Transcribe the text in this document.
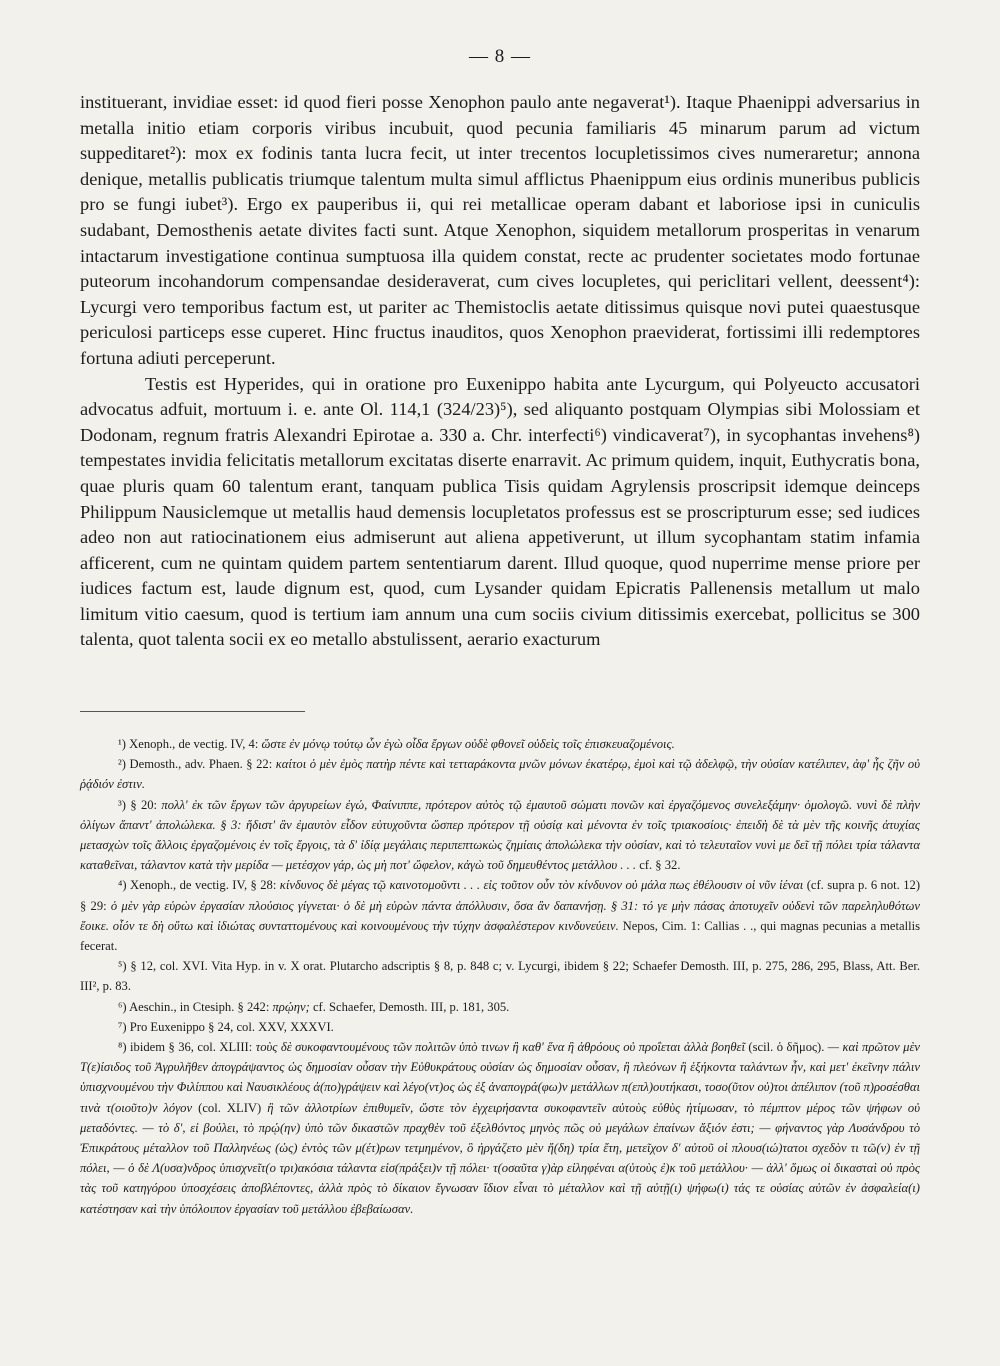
— 8 —

instituerant, invidiae esset: id quod fieri posse Xenophon paulo ante negaverat¹). Itaque Phaenippi adversarius in metalla initio etiam corporis viribus incubuit, quod pecunia familiaris 45 minarum parum ad victum suppeditaret²): mox ex fodinis tanta lucra fecit, ut inter trecentos locupletissimos cives numeraretur; annona denique, metallis publicatis triumque talentum multa simul afflictus Phaenippum eius ordinis muneribus publicis pro se fungi iubet³). Ergo ex pauperibus ii, qui rei metallicae operam dabant et laboriose ipsi in cuniculis sudabant, Demosthenis aetate divites facti sunt. Atque Xenophon, siquidem metallorum prosperitas in venarum intactarum investigatione continua sumptuosa illa quidem constat, recte ac prudenter societates modo fortunae puteorum incohandorum compensandae desideraverat, cum cives locupletes, qui periclitari vellent, deessent⁴): Lycurgi vero temporibus factum est, ut pariter ac Themistoclis aetate ditissimus quisque novi putei quaestusque periculosi particeps esse cuperet. Hinc fructus inauditos, quos Xenophon praeviderat, fortissimi illi redemptores fortuna adiuti perceperunt.

Testis est Hyperides, qui in oratione pro Euxenippo habita ante Lycurgum, qui Polyeucto accusatori advocatus adfuit, mortuum i. e. ante Ol. 114,1 (324/23)⁵), sed aliquanto postquam Olympias sibi Molossiam et Dodonam, regnum fratris Alexandri Epirotae a. 330 a. Chr. interfecti⁶) vindicaverat⁷), in sycophantas invehens⁸) tempestates invidia felicitatis metallorum excitatas diserte enarravit. Ac primum quidem, inquit, Euthycratis bona, quae pluris quam 60 talentum erant, tanquam publica Tisis quidam Agrylensis proscripsit idemque deinceps Philippum Nausiclemque ut metallis haud demensis locupletatos professus est se proscripturum esse; sed iudices adeo non aut ratiocinationem eius admiserunt aut aliena appetiverunt, ut illum sycophantam statim infamia afficerent, cum ne quintam quidem partem sententiarum darent. Illud quoque, quod nuperrime mense priore per iudices factum est, laude dignum est, quod, cum Lysander quidam Epicratis Pallenensis metallum ut malo limitum vitio caesum, quod is tertium iam annum una cum sociis civium ditissimis exercebat, pollicitus se 300 talenta, quot talenta socii ex eo metallo abstulissent, aerario exacturum

¹) Xenoph., de vectig. IV, 4: ὥστε ἐν μόνῳ τούτῳ ὧν ἐγὼ οἶδα ἔργων οὐδὲ φθονεῖ οὐδεὶς τοῖς ἐπισκευαζομένοις.

²) Demosth., adv. Phaen. § 22: καίτοι ὁ μὲν ἐμὸς πατὴρ πέντε καὶ τετταράκοντα μνῶν μόνων ἑκατέρῳ, ἐμοὶ καὶ τῷ ἀδελφῷ, τὴν οὐσίαν κατέλιπεν, ἀφ' ἧς ζῆν οὐ ῥᾴδιόν ἐστιν.

³) § 20: πολλ' ἐκ τῶν ἔργων τῶν ἀργυρείων ἐγώ, Φαίνιππε, πρότερον αὐτὸς τῷ ἐμαυτοῦ σώματι πονῶν καὶ ἐργαζόμενος συνελεξάμην· ὁμολογῶ. νυνὶ δὲ πλὴν ὀλίγων ἅπαντ' ἀπολώλεκα. § 3: ἥδιστ' ἂν ἐμαυτὸν εἶδον εὐτυχοῦντα ὥσπερ πρότερον τῇ οὐσίᾳ καὶ μένοντα ἐν τοῖς τριακοσίοις· ἐπειδὴ δὲ τὰ μὲν τῆς κοινῆς ἀτυχίας μετασχὼν τοῖς ἄλλοις ἐργαζομένοις ἐν τοῖς ἔργοις, τὰ δ' ἰδίᾳ μεγάλαις περιπεπτωκὼς ζημίαις ἀπολώλεκα τὴν οὐσίαν, καὶ τὸ τελευταῖον νυνὶ με δεῖ τῇ πόλει τρία τάλαντα καταθεῖναι, τάλαντον κατὰ τὴν μερίδα — μετέσχον γάρ, ὡς μὴ ποτ' ὤφελον, κἀγὼ τοῦ δημευθέντος μετάλλου . . . cf. § 32.

⁴) Xenoph., de vectig. IV, § 28: κίνδυνος δὲ μέγας τῷ καινοτομοῦντι . . . εἰς τοῦτον οὖν τὸν κίνδυνον οὐ μάλα πως ἐθέλουσιν οἱ νῦν ἰέναι (cf. supra p. 6 not. 12) § 29: ὁ μὲν γὰρ εὑρὼν ἐργασίαν πλούσιος γίγνεται· ὁ δὲ μὴ εὑρὼν πάντα ἀπόλλυσιν, ὅσα ἂν δαπανήσῃ. § 31: τό γε μὴν πάσας ἀποτυχεῖν οὐδενὶ τῶν παρεληλυθότων ἔοικε. οἷόν τε δὴ οὕτω καὶ ἰδιώτας συνταττομένους καὶ κοινουμένους τὴν τύχην ἀσφαλέστερον κινδυνεύειν. Nepos, Cim. 1: Callias . ., qui magnas pecunias a metallis fecerat.

⁵) § 12, col. XVI. Vita Hyp. in v. X orat. Plutarcho adscriptis § 8, p. 848 c; v. Lycurgi, ibidem § 22; Schaefer Demosth. III, p. 275, 286, 295, Blass, Att. Ber. III², p. 83.

⁶) Aeschin., in Ctesiph. § 242: πρῴην; cf. Schaefer, Demosth. III, p. 181, 305.

⁷) Pro Euxenippo § 24, col. XXV, XXXVI.

⁸) ibidem § 36, col. XLIII: τοὺς δὲ συκοφαντουμένους τῶν πολιτῶν ὑπὸ τινων ἢ καθ' ἕνα ἢ ἀθρόους οὐ προΐεται ἀλλὰ βοηθεῖ (scil. ὁ δῆμος). — καὶ πρῶτον μὲν Τ(ε)ίσιδος τοῦ Ἀγρυλῆθεν ἀπογράψαντος ὡς δημοσίαν οὖσαν τὴν Εὐθυκράτους οὐσίαν ὡς δημοσίαν οὖσαν, ἢ πλεόνων ἢ ἑξήκοντα ταλάντων ἦν, καὶ μετ' ἐκεῖνην πάλιν ὑπισχνουμένου τὴν Φιλίππου καὶ Ναυσικλέους ἀ(πο)γράψειν καὶ λέγο(ντ)ος ὡς ἐξ ἀναπογρά(φω)ν μετάλλων π(επλ)ουτήκασι, τοσο(ῦτον οὐ)τοι ἀπέλιπον (τοῦ π)ροσέσθαι τινὰ τ(οιοῦτο)ν λόγον (col. XLIV) ἢ τῶν ἀλλοτρίων ἐπιθυμεῖν, ὥστε τὸν ἐγχειρήσαντα συκοφαντεῖν αὐτοὺς εὐθὺς ἠτίμωσαν, τὸ πέμπτον μέρος τῶν ψήφων οὐ μεταδόντες. — τὸ δ', εἰ βούλει, τὸ πρῴ(ην) ὑπὸ τῶν δικαστῶν πραχθὲν τοῦ ἐξελθόντος μηνὸς πῶς οὐ μεγάλων ἐπαίνων ἄξιόν ἐστι; — φήναντος γὰρ Λυσάνδρου τὸ Ἐπικράτους μέταλλον τοῦ Παλληνέως (ὡς) ἐντὸς τῶν μ(έτ)ρων τετμημένον, ὃ ἠργάζετο μὲν ἤ(δη) τρία ἔτη, μετεῖχον δ' αὐτοῦ οἱ πλουσ(ιώ)τατοι σχεδὸν τι τῶ(ν) ἐν τῇ πόλει, — ὁ δὲ Λ(υσα)νδρος ὑπισχνεῖτ(ο τρι)ακόσια τάλαντα εἰσ(πράξει)ν τῇ πόλει· τ(οσαῦτα γ)ὰρ εἰληφέναι α(ὐτοὺς ἐ)κ τοῦ μετάλλου· — ἀλλ' ὅμως οἱ δικασταὶ οὐ πρὸς τὰς τοῦ κατηγόρου ὑποσχέσεις ἀποβλέποντες, ἀλλὰ πρὸς τὸ δίκαιον ἔγνωσαν ἴδιον εἶναι τὸ μέταλλον καὶ τῇ αὐτῇ(ι) ψήφω(ι) τάς τε οὐσίας αὐτῶν ἐν ἀσφαλεία(ι) κατέστησαν καὶ τὴν ὑπόλοιπον ἐργασίαν τοῦ μετάλλου ἐβεβαίωσαν.
